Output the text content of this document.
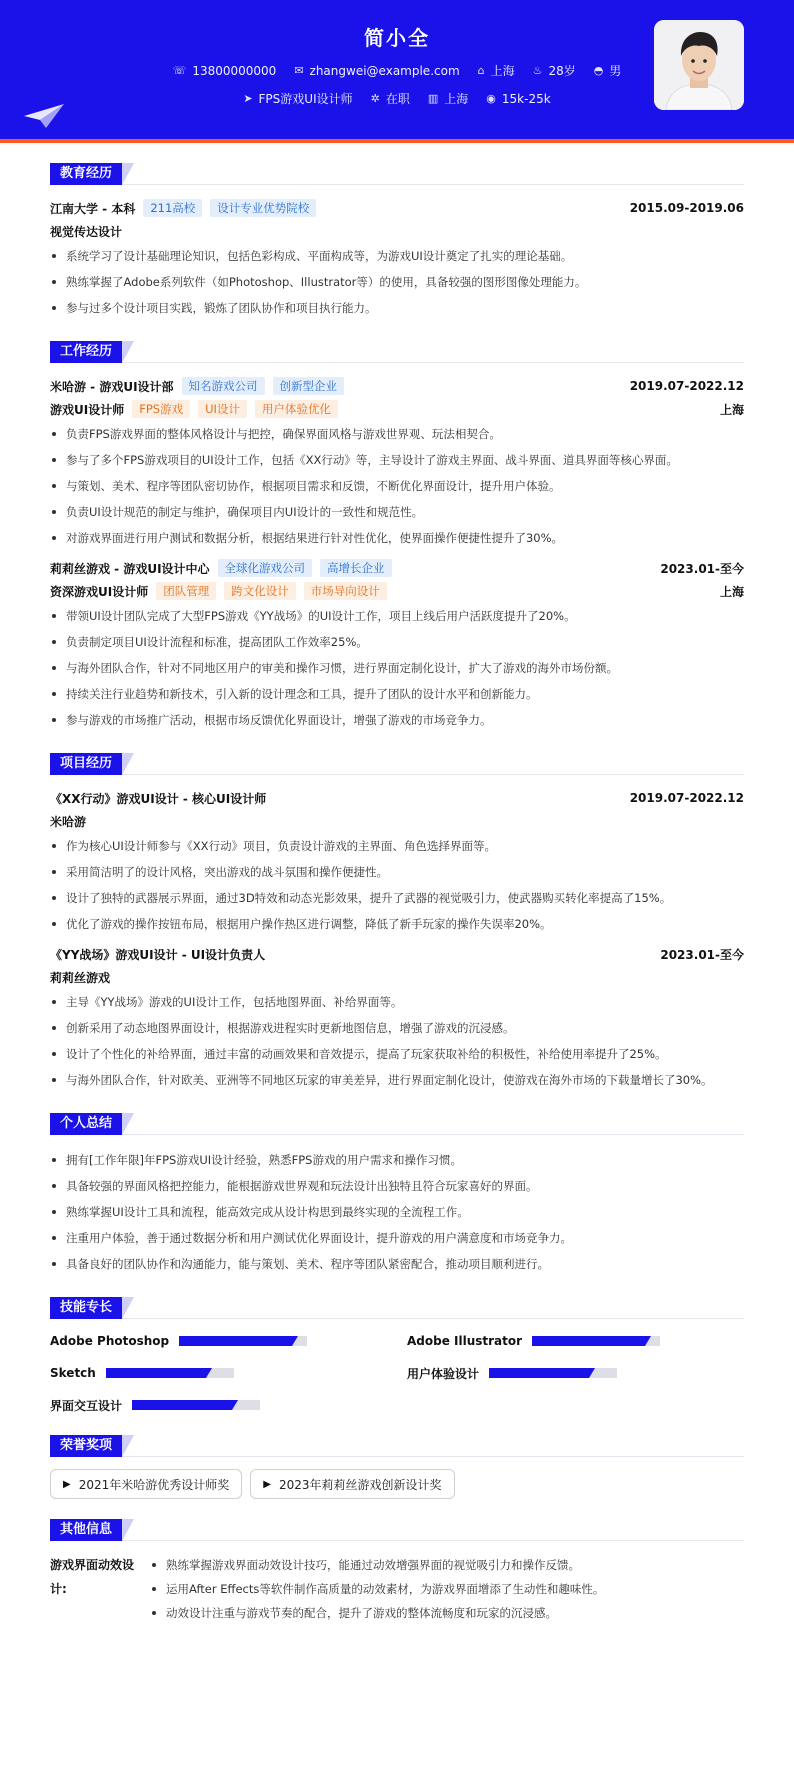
简小全
☏ 13800000000 ✉ zhangwei@example.com ⌂ 上海 ♨ 28岁 ◓ 男
➤ FPS游戏UI设计师 ✲ 在职 ▥ 上海 ◉ 15k-25k
教育经历
江南大学 - 本科	211高校	设计专业优势院校	2015.09-2019.06
视觉传达设计
系统学习了设计基础理论知识，包括色彩构成、平面构成等，为游戏UI设计奠定了扎实的理论基础。
熟练掌握了Adobe系列软件（如Photoshop、Illustrator等）的使用，具备较强的图形图像处理能力。
参与过多个设计项目实践，锻炼了团队协作和项目执行能力。
工作经历
米哈游 - 游戏UI设计部	知名游戏公司	创新型企业	2019.07-2022.12
游戏UI设计师	FPS游戏	UI设计	用户体验优化	上海
负责FPS游戏界面的整体风格设计与把控，确保界面风格与游戏世界观、玩法相契合。
参与了多个FPS游戏项目的UI设计工作，包括《XX行动》等，主导设计了游戏主界面、战斗界面、道具界面等核心界面。
与策划、美术、程序等团队密切协作，根据项目需求和反馈，不断优化界面设计，提升用户体验。
负责UI设计规范的制定与维护，确保项目内UI设计的一致性和规范性。
对游戏界面进行用户测试和数据分析，根据结果进行针对性优化，使界面操作便捷性提升了30%。
莉莉丝游戏 - 游戏UI设计中心	全球化游戏公司	高增长企业	2023.01-至今
资深游戏UI设计师	团队管理	跨文化设计	市场导向设计	上海
带领UI设计团队完成了大型FPS游戏《YY战场》的UI设计工作，项目上线后用户活跃度提升了20%。
负责制定项目UI设计流程和标准，提高团队工作效率25%。
与海外团队合作，针对不同地区用户的审美和操作习惯，进行界面定制化设计，扩大了游戏的海外市场份额。
持续关注行业趋势和新技术，引入新的设计理念和工具，提升了团队的设计水平和创新能力。
参与游戏的市场推广活动，根据市场反馈优化界面设计，增强了游戏的市场竞争力。
项目经历
《XX行动》游戏UI设计 - 核心UI设计师	2019.07-2022.12
米哈游
作为核心UI设计师参与《XX行动》项目，负责设计游戏的主界面、角色选择界面等。
采用简洁明了的设计风格，突出游戏的战斗氛围和操作便捷性。
设计了独特的武器展示界面，通过3D特效和动态光影效果，提升了武器的视觉吸引力，使武器购买转化率提高了15%。
优化了游戏的操作按钮布局，根据用户操作热区进行调整，降低了新手玩家的操作失误率20%。
《YY战场》游戏UI设计 - UI设计负责人	2023.01-至今
莉莉丝游戏
主导《YY战场》游戏的UI设计工作，包括地图界面、补给界面等。
创新采用了动态地图界面设计，根据游戏进程实时更新地图信息，增强了游戏的沉浸感。
设计了个性化的补给界面，通过丰富的动画效果和音效提示，提高了玩家获取补给的积极性，补给使用率提升了25%。
与海外团队合作，针对欧美、亚洲等不同地区玩家的审美差异，进行界面定制化设计，使游戏在海外市场的下载量增长了30%。
个人总结
拥有[工作年限]年FPS游戏UI设计经验，熟悉FPS游戏的用户需求和操作习惯。
具备较强的界面风格把控能力，能根据游戏世界观和玩法设计出独特且符合玩家喜好的界面。
熟练掌握UI设计工具和流程，能高效完成从设计构思到最终实现的全流程工作。
注重用户体验，善于通过数据分析和用户测试优化界面设计，提升游戏的用户满意度和市场竞争力。
具备良好的团队协作和沟通能力，能与策划、美术、程序等团队紧密配合，推动项目顺利进行。
技能专长
Adobe Photoshop	Adobe Illustrator
Sketch	用户体验设计
界面交互设计
荣誉奖项
▶ 2021年米哈游优秀设计师奖	▶ 2023年莉莉丝游戏创新设计奖
其他信息
游戏界面动效设计:
熟练掌握游戏界面动效设计技巧，能通过动效增强界面的视觉吸引力和操作反馈。
运用After Effects等软件制作高质量的动效素材，为游戏界面增添了生动性和趣味性。
动效设计注重与游戏节奏的配合，提升了游戏的整体流畅度和玩家的沉浸感。
